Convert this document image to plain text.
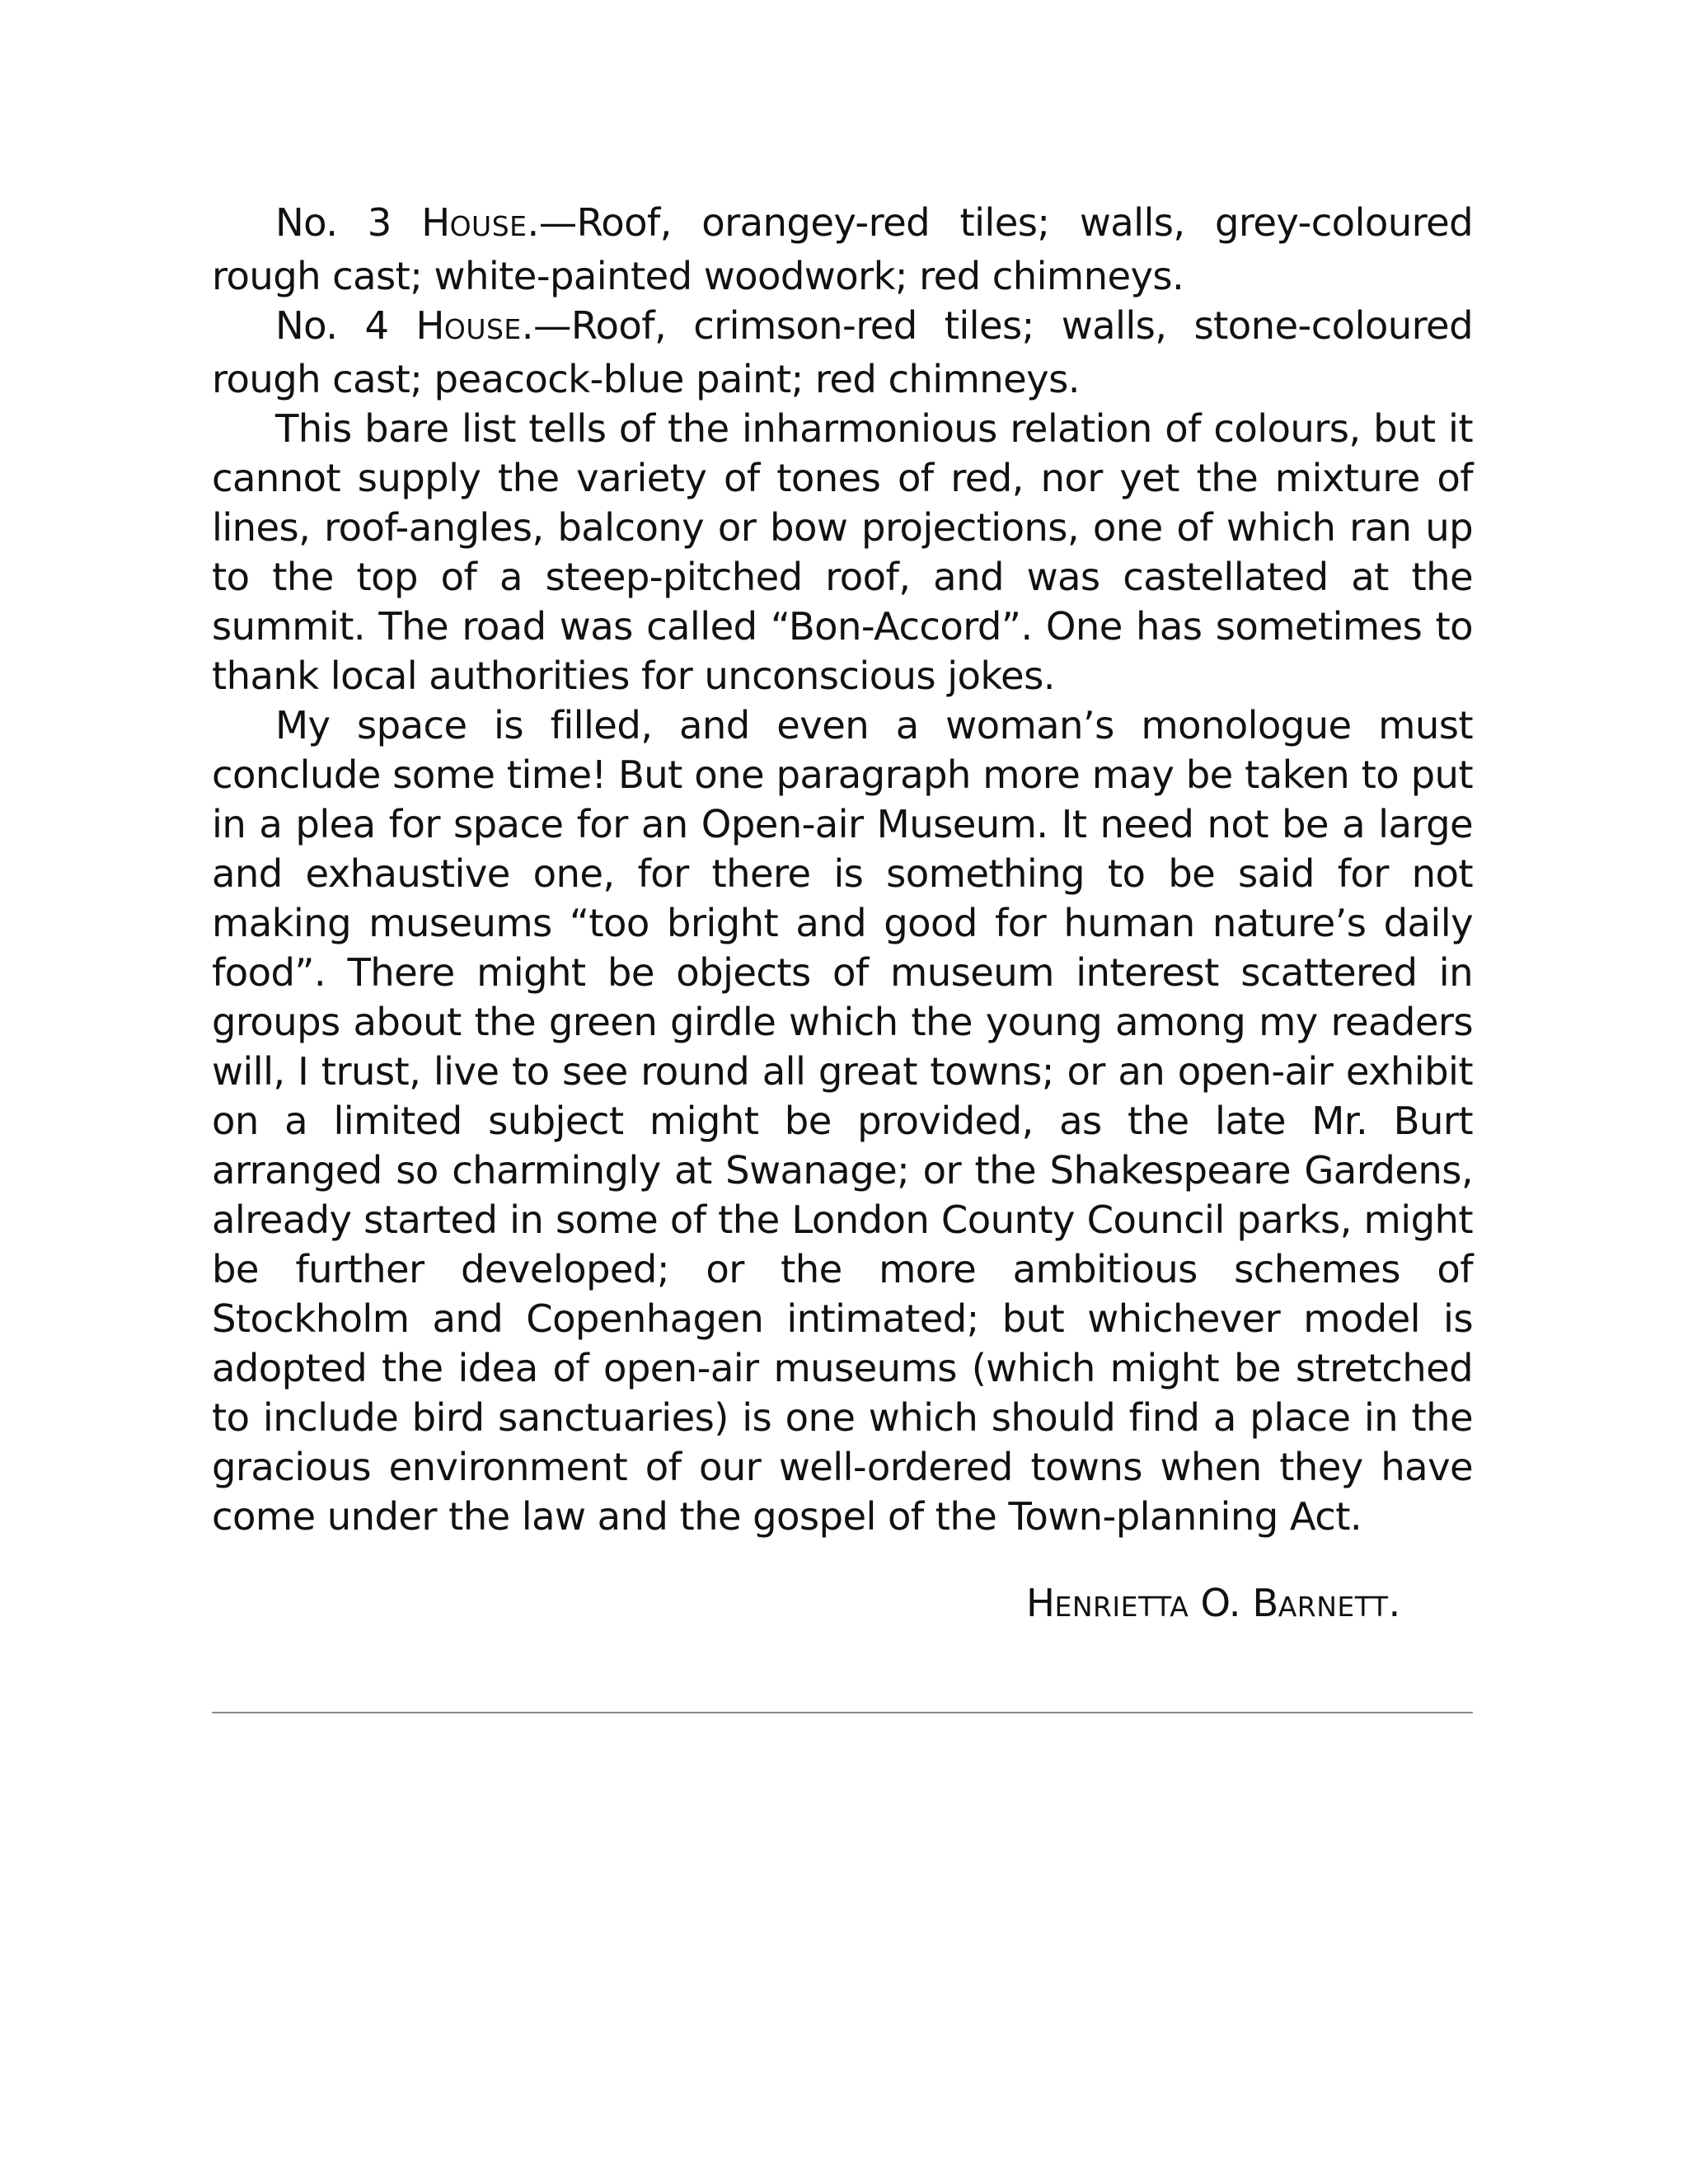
No. 3 HOUSE.—Roof, orangey-red tiles; walls, grey-coloured rough cast; white-painted woodwork; red chimneys.

No. 4 HOUSE.—Roof, crimson-red tiles; walls, stone-coloured rough cast; peacock-blue paint; red chimneys.

This bare list tells of the inharmonious relation of colours, but it cannot supply the variety of tones of red, nor yet the mixture of lines, roof-angles, balcony or bow projections, one of which ran up to the top of a steep-pitched roof, and was castellated at the summit. The road was called “Bon-Accord”. One has sometimes to thank local authorities for unconscious jokes.

My space is filled, and even a woman’s monologue must conclude some time! But one paragraph more may be taken to put in a plea for space for an Open-air Museum. It need not be a large and exhaustive one, for there is something to be said for not making museums “too bright and good for human nature’s daily food”. There might be objects of museum interest scattered in groups about the green girdle which the young among my readers will, I trust, live to see round all great towns; or an open-air exhibit on a limited subject might be provided, as the late Mr. Burt arranged so charmingly at Swanage; or the Shakespeare Gardens, already started in some of the London County Council parks, might be further developed; or the more ambitious schemes of Stockholm and Copenhagen intimated; but whichever model is adopted the idea of open-air museums (which might be stretched to include bird sanctuaries) is one which should find a place in the gracious environment of our well-ordered towns when they have come under the law and the gospel of the Town-planning Act.

HENRIETTA O. BARNETT.
